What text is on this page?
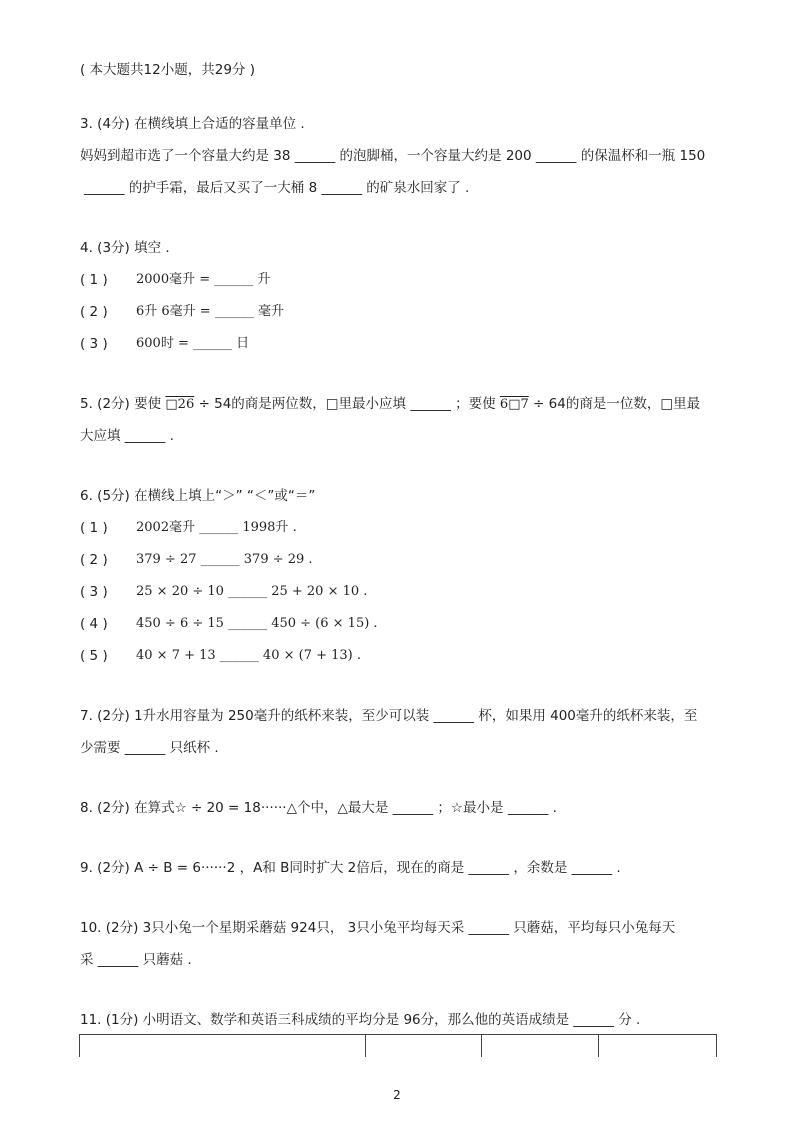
( 本大题共12小题，共29分 )
3. (4分) 在横线填上合适的容量单位 .
妈妈到超市选了一个容量大约是 38 ______ 的泡脚桶，一个容量大约是 200 ______ 的保温杯和一瓶 150
______ 的护手霜，最后又买了一大桶 8 ______ 的矿泉水回家了 .
4. (3分) 填空 .
( 1 ) 2000毫升 = ______ 升
( 2 ) 6升 6毫升 = ______ 毫升
( 3 ) 600时 = ______ 日
5. (2分) 要使 □26 ÷ 54的商是两位数，□里最小应填 ______ ；要使 6□7 ÷ 64的商是一位数，□里最
大应填 ______ .
6. (5分) 在横线上填上“＞” “＜”或“＝”
( 1 ) 2002毫升 ______ 1998升 .
( 2 ) 379 ÷ 27 ______ 379 ÷ 29 .
( 3 ) 25 × 20 ÷ 10 ______ 25 + 20 × 10 .
( 4 ) 450 ÷ 6 ÷ 15 ______ 450 ÷ (6 × 15) .
( 5 ) 40 × 7 + 13 ______ 40 × (7 + 13) .
7. (2分) 1升水用容量为 250毫升的纸杯来装，至少可以装 ______ 杯，如果用 400毫升的纸杯来装，至
少需要 ______ 只纸杯 .
8. (2分) 在算式☆ ÷ 20 = 18······△个中，△最大是 ______ ；☆最小是 ______ .
9. (2分) A ÷ B = 6······2 ，A和 B同时扩大 2倍后，现在的商是 ______ ，余数是 ______ .
10. (2分) 3只小兔一个星期采蘑菇 924只， 3只小兔平均每天采 ______ 只蘑菇，平均每只小兔每天
采 ______ 只蘑菇 .
11. (1分) 小明语文、数学和英语三科成绩的平均分是 96分，那么他的英语成绩是 ______ 分 .
2
